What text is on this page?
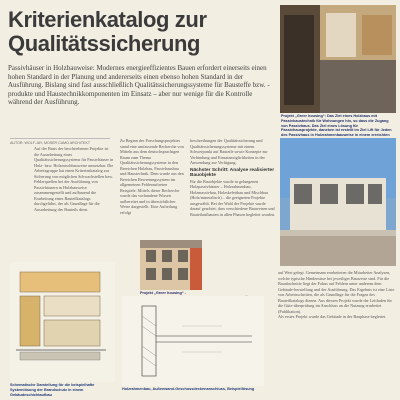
Kriterienkatalog zur
Qualitätssicherung
Passivhäuser in Holzbauweise: Modernes energieeffizientes Bauen erfordert einerseits einen hohen Standard in der Planung und andererseits einen ebenso hohen Standard in der Ausführung. Bislang sind fast ausschließlich Qualitätssicherungssysteme für Bausteffe bzw. -produkte und Haustechnikkomponenten im Einsatz – aber nur wenige für die Kontrolle während der Ausführung.
AUTOR: WOLF-JAY, MOSER CAMO ARCHITEKT

Auf der Basis der beschriebenen Projekte ist die Ausarbeitung eines Qualitätssicherungssystems für Passivhäuser in Holz- bzw. Holzmischbauweise umsetzbar. Die Arbeitsgruppe hat einen Kriterienkatalog zur Sicherung von möglichen Schwachstellen bzw. Fehlerquellen bei der Ausführung von Passivhäusern in Holzbauweise zusammengestellt und aufbauend die Erarbeitung eines Bauteilkatalogs durchgeführt, der als Grundlage für die Ausarbeitung des Bauteils dient.

Zu Beginn des Forschungsprojektes stand eine umfassende Recherche von Mitteln aus dem deutschsprachigen Raum zum Thema Qualitätssicherungssysteme in den Bereichen Holzbau, Passivhausbau und Haustechnik. Dem wurde aus den Bereichen Bewertungssystem im allgemeinen Fehlerauftreten Beispiele. Mittels dieser Recherche wurde das vorhandene Wissen aufbereitet und in übersichtlicher Weise dargestellt. Eine Aufteilung erfolgt

beschreibungen der Qualitätssicherung und Qualitätssicherungssysteme mit einem Schwerpunkt auf Bauteile sowie Konzepte zur Verbindung und Einsatzmöglichkeiten in der Anwendung zur Verfügung.

Nächster Schritt: Analyse realisierter Bauobjekte

Für die Bauobjekte wurde in gelungenen Holzpassivhäuser – Holzrahmenbau, Holzmassivbau, Holzskelettbau und Mischbau (Holz/mineralisch) – die geeigneten Projekte ausgewählt. Bei der Wahl der Projekte wurde darauf geachtet, dass verschiedene Bauweisen und Bauteilaufbauten in allen Phasen begleitet wurden.

auf Wert gelegt. Gemeinsam erarbeiteten die Mitarbeiter Analysen, welche typische Hindernisse bei jeweiliger Bauweise sind. Für die Bauabschnitte liegt der Fokus auf Fehlern unter anderem dem Gebäude-herstellung und der Ausführung. Das Ergebnis ist eine Liste von Arbeitsschritten, die als Grundlage für die Fragen des Bauteilkatalogs dienen. Aus diesem Projekt wurde der Leitfaden für die Güte-überprüfung im Anschluss an die Nutzung erarbeitet (Publikation).

Als erstes Projekt wurde das Gebäude in der Bauphase begleitet.

Projekt „Greer housing“: Das Ziel eines Holzbaus mit Passivhaustechnik für Wohnungen hin, so dass die Zugang von Passivhaus. Das Ziel eines Lösung für Passivhausprojekte, daneben ist erstellt im Ziel Lift für Jeden des Passivhaus in Holzrahmenbauweise in einem erreichten
Projekt „Greer housing“ -
Schematische Darstellung für die beispielhafte Systemlösung der Brandschutz in einem Gebäudeschichtaufbau
Holzrahmenbau, Außenwand-Geschossdeckenanschluss, Beispiellösung
